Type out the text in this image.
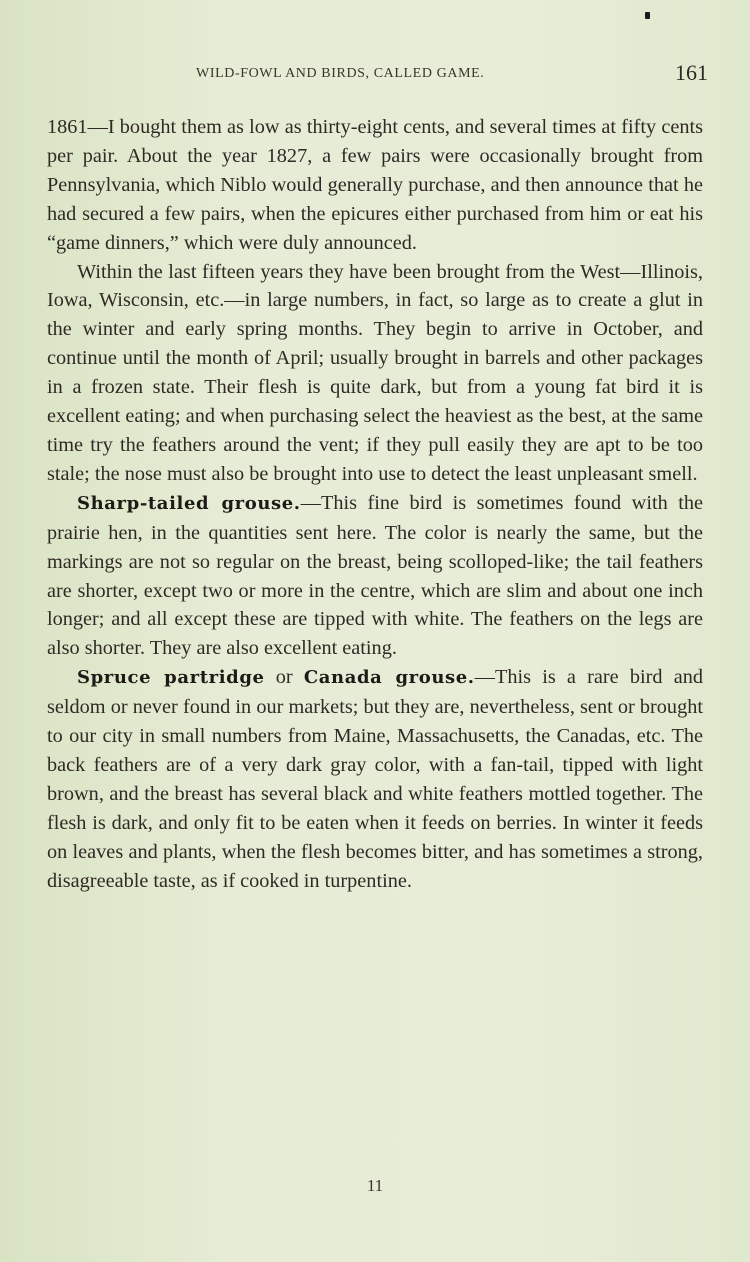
WILD-FOWL AND BIRDS, CALLED GAME.	161

1861—I bought them as low as thirty-eight cents, and several times at fifty cents per pair. About the year 1827, a few pairs were occasionally brought from Pennsylvania, which Niblo would generally purchase, and then announce that he had secured a few pairs, when the epicures either purchased from him or eat his “game dinners,” which were duly announced.

Within the last fifteen years they have been brought from the West—Illinois, Iowa, Wisconsin, etc.—in large numbers, in fact, so large as to create a glut in the winter and early spring months. They begin to arrive in October, and continue until the month of April; usually brought in barrels and other packages in a frozen state. Their flesh is quite dark, but from a young fat bird it is excellent eating; and when purchasing select the heaviest as the best, at the same time try the feathers around the vent; if they pull easily they are apt to be too stale; the nose must also be brought into use to detect the least unpleasant smell.

Sharp-tailed grouse.—This fine bird is sometimes found with the prairie hen, in the quantities sent here. The color is nearly the same, but the markings are not so regular on the breast, being scolloped-like; the tail feathers are shorter, except two or more in the centre, which are slim and about one inch longer; and all except these are tipped with white. The feathers on the legs are also shorter. They are also excellent eating.

Spruce partridge or Canada grouse.—This is a rare bird and seldom or never found in our markets; but they are, nevertheless, sent or brought to our city in small numbers from Maine, Massachusetts, the Canadas, etc. The back feathers are of a very dark gray color, with a fan-tail, tipped with light brown, and the breast has several black and white feathers mottled together. The flesh is dark, and only fit to be eaten when it feeds on berries. In winter it feeds on leaves and plants, when the flesh becomes bitter, and has sometimes a strong, disagreeable taste, as if cooked in turpentine.

11
